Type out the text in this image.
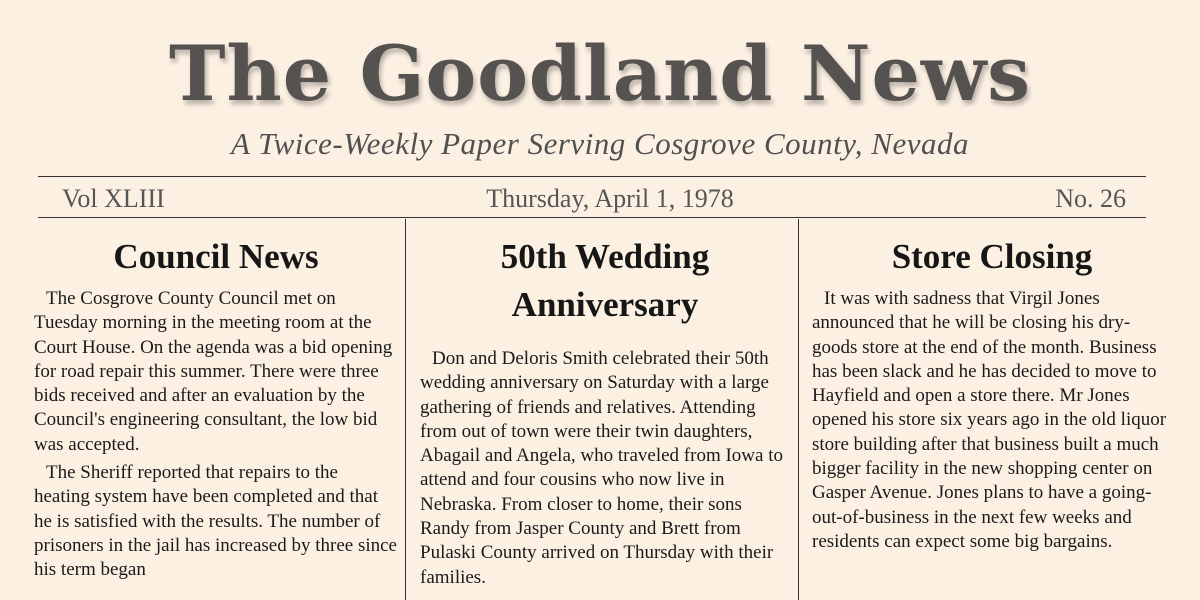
The Goodland News
A Twice-Weekly Paper Serving Cosgrove County, Nevada
Vol XLIII	Thursday, April 1, 1978	No. 26
Council News

The Cosgrove County Council met on Tuesday morning in the meeting room at the Court House. On the agenda was a bid opening for road repair this summer. There were three bids received and after an evaluation by the Council's engineering consultant, the low bid was accepted.

The Sheriff reported that repairs to the heating system have been completed and that he is satisfied with the results. The number of prisoners in the jail has increased by three since his term began

50th Wedding Anniversary

Don and Deloris Smith celebrated their 50th wedding anniversary on Saturday with a large gathering of friends and relatives. Attending from out of town were their twin daughters, Abagail and Angela, who traveled from Iowa to attend and four cousins who now live in Nebraska. From closer to home, their sons Randy from Jasper County and Brett from Pulaski County arrived on Thursday with their families.

Store Closing

It was with sadness that Virgil Jones announced that he will be closing his dry-goods store at the end of the month. Business has been slack and he has decided to move to Hayfield and open a store there. Mr Jones opened his store six years ago in the old liquor store building after that business built a much bigger facility in the new shopping center on Gasper Avenue. Jones plans to have a going-out-of-business in the next few weeks and residents can expect some big bargains.
